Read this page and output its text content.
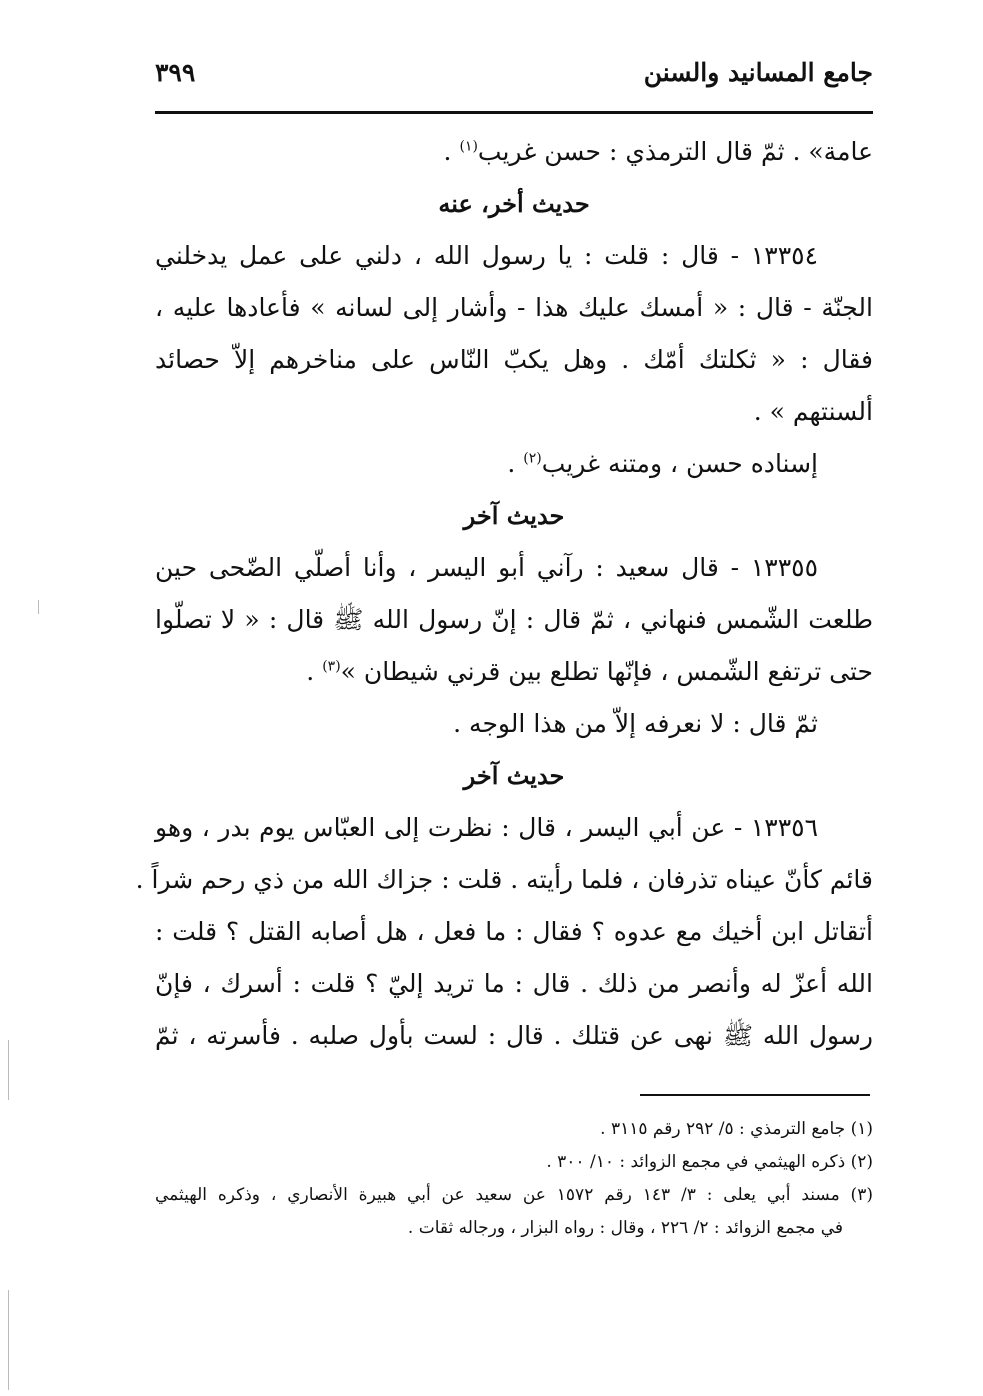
جامع المسانيد والسنن
٣٩٩
عامة» . ثمّ قال الترمذي : حسن غريب$^{(١)}$ .
حديث أخر، عنه
١٣٣٥٤ - قال : قلت : يا رسول الله ، دلني على عمل يدخلني
الجنّة - قال : « أمسك عليك هذا - وأشار إلى لسانه » فأعادها عليه ،
فقال : « ثكلتك أمّك . وهل يكبّ النّاس على مناخرهم إلاّ حصائد
ألسنتهم » .
إسناده حسن ، ومتنه غريب$^{(٢)}$ .
حديث آخر
١٣٣٥٥ - قال سعيد : رآني أبو اليسر ، وأنا أصلّي الضّحى حين
طلعت الشّمس فنهاني ، ثمّ قال : إنّ رسول الله ﷺ قال : « لا تصلّوا
حتى ترتفع الشّمس ، فإنّها تطلع بين قرني شيطان »$^{(٣)}$ .
ثمّ قال : لا نعرفه إلاّ من هذا الوجه .
حديث آخر
١٣٣٥٦ - عن أبي اليسر ، قال : نظرت إلى العبّاس يوم بدر ، وهو
قائم كأنّ عيناه تذرفان ، فلما رأيته . قلت : جزاك الله من ذي رحم شراً .
أتقاتل ابن أخيك مع عدوه ؟ فقال : ما فعل ، هل أصابه القتل ؟ قلت :
الله أعزّ له وأنصر من ذلك . قال : ما تريد إليّ ؟ قلت : أسرك ، فإنّ
رسول الله ﷺ نهى عن قتلك . قال : لست بأول صلبه . فأسرته ، ثمّ
(١) جامع الترمذي : ٥/ ٢٩٢ رقم ٣١١٥ .
(٢) ذكره الهيثمي في مجمع الزوائد : ١٠/ ٣٠٠ .
(٣) مسند أبي يعلى : ٣/ ١٤٣ رقم ١٥٧٢ عن سعيد عن أبي هبيرة الأنصاري ، وذكره الهيثمي
في مجمع الزوائد : ٢/ ٢٢٦ ، وقال : رواه البزار ، ورجاله ثقات .
